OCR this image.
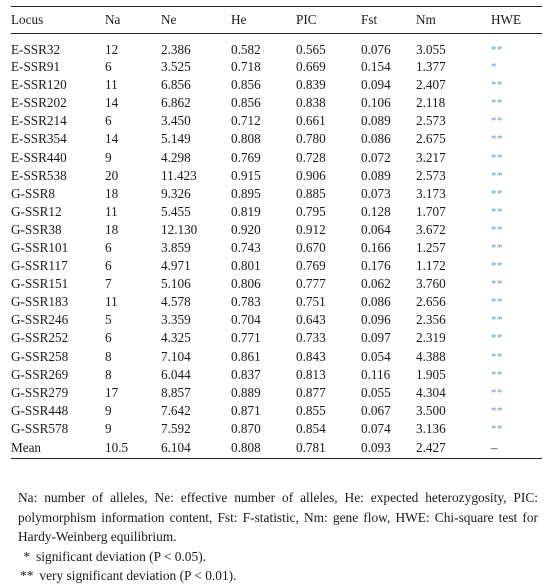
Locus	Na	Ne	He	PIC	Fst	Nm	HWE

E-SSR32	12	2.386	0.582	0.565	0.076	3.055	**
E-SSR91	6	3.525	0.718	0.669	0.154	1.377	*
E-SSR120	11	6.856	0.856	0.839	0.094	2.407	**
E-SSR202	14	6.862	0.856	0.838	0.106	2.118	**
E-SSR214	6	3.450	0.712	0.661	0.089	2.573	**
E-SSR354	14	5.149	0.808	0.780	0.086	2.675	**
E-SSR440	9	4.298	0.769	0.728	0.072	3.217	**
E-SSR538	20	11.423	0.915	0.906	0.089	2.573	**
G-SSR8	18	9.326	0.895	0.885	0.073	3.173	**
G-SSR12	11	5.455	0.819	0.795	0.128	1.707	**
G-SSR38	18	12.130	0.920	0.912	0.064	3.672	**
G-SSR101	6	3.859	0.743	0.670	0.166	1.257	**
G-SSR117	6	4.971	0.801	0.769	0.176	1.172	**
G-SSR151	7	5.106	0.806	0.777	0.062	3.760	**
G-SSR183	11	4.578	0.783	0.751	0.086	2.656	**
G-SSR246	5	3.359	0.704	0.643	0.096	2.356	**
G-SSR252	6	4.325	0.771	0.733	0.097	2.319	**
G-SSR258	8	7.104	0.861	0.843	0.054	4.388	**
G-SSR269	8	6.044	0.837	0.813	0.116	1.905	**
G-SSR279	17	8.857	0.889	0.877	0.055	4.304	**
G-SSR448	9	7.642	0.871	0.855	0.067	3.500	**
G-SSR578	9	7.592	0.870	0.854	0.074	3.136	**
Mean	10.5	6.104	0.808	0.781	0.093	2.427	–
Na: number of alleles, Ne: effective number of alleles, He: expected heterozygosity, PIC: polymorphism information content, Fst: F-statistic, Nm: gene flow, HWE: Chi-square test for Hardy-Weinberg equilibrium.
* significant deviation (P < 0.05).
** very significant deviation (P < 0.01).
